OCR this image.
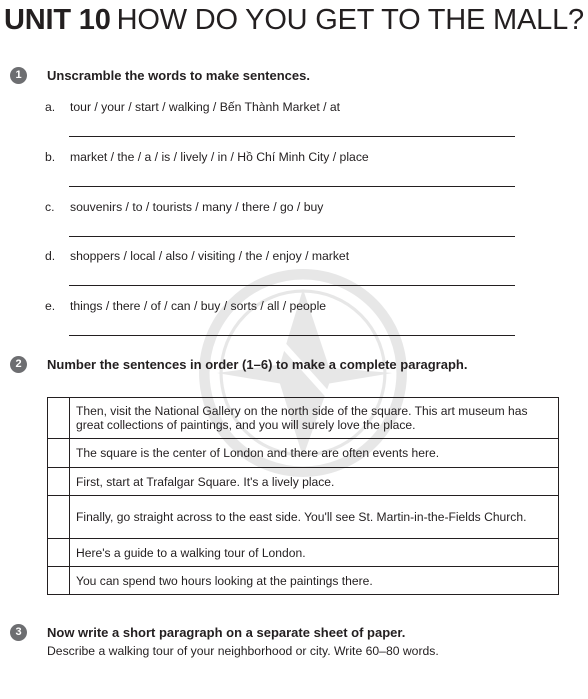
UNIT 10 HOW DO YOU GET TO THE MALL?
1	Unscramble the words to make sentences.
a. tour / your / start / walking / Bến Thành Market / at
b. market / the / a / is / lively / in / Hồ Chí Minh City / place
c. souvenirs / to / tourists / many / there / go / buy
d. shoppers / local / also / visiting / the / enjoy / market
e. things / there / of / can / buy / sorts / all / people
2	Number the sentences in order (1–6) to make a complete paragraph.
	Then, visit the National Gallery on the north side of the square. This art museum has great collections of paintings, and you will surely love the place.
	The square is the center of London and there are often events here.
	First, start at Trafalgar Square. It's a lively place.
	Finally, go straight across to the east side. You'll see St. Martin-in-the-Fields Church.
	Here's a guide to a walking tour of London.
	You can spend two hours looking at the paintings there.
3	Now write a short paragraph on a separate sheet of paper.
Describe a walking tour of your neighborhood or city. Write 60–80 words.
